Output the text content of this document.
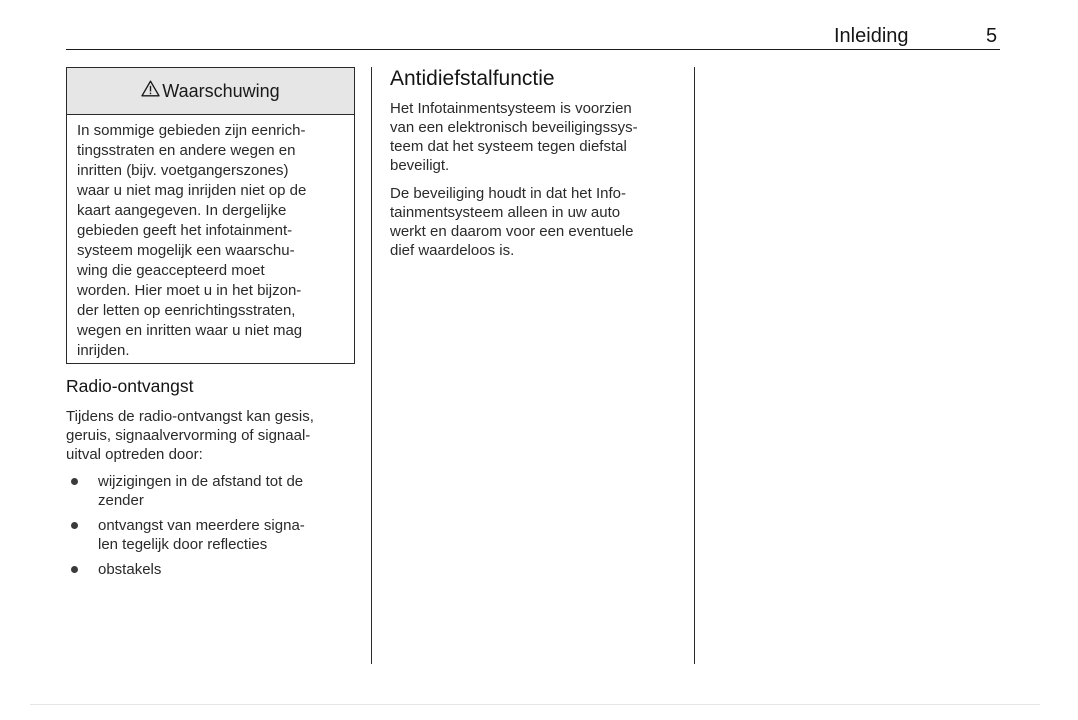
Inleiding	5
Waarschuwing
In sommige gebieden zijn eenrich-
tingsstraten en andere wegen en
inritten (bijv. voetgangerszones)
waar u niet mag inrijden niet op de
kaart aangegeven. In dergelijke
gebieden geeft het infotainment-
systeem mogelijk een waarschu-
wing die geaccepteerd moet
worden. Hier moet u in het bijzon-
der letten op eenrichtingsstraten,
wegen en inritten waar u niet mag
inrijden.
Radio-ontvangst
Tijdens de radio-ontvangst kan gesis,
geruis, signaalvervorming of signaal-
uitval optreden door:
wijzigingen in de afstand tot de
zender
ontvangst van meerdere signa-
len tegelijk door reflecties
obstakels
Antidiefstalfunctie
Het Infotainmentsysteem is voorzien
van een elektronisch beveiligingssys-
teem dat het systeem tegen diefstal
beveiligt.
De beveiliging houdt in dat het Info-
tainmentsysteem alleen in uw auto
werkt en daarom voor een eventuele
dief waardeloos is.
